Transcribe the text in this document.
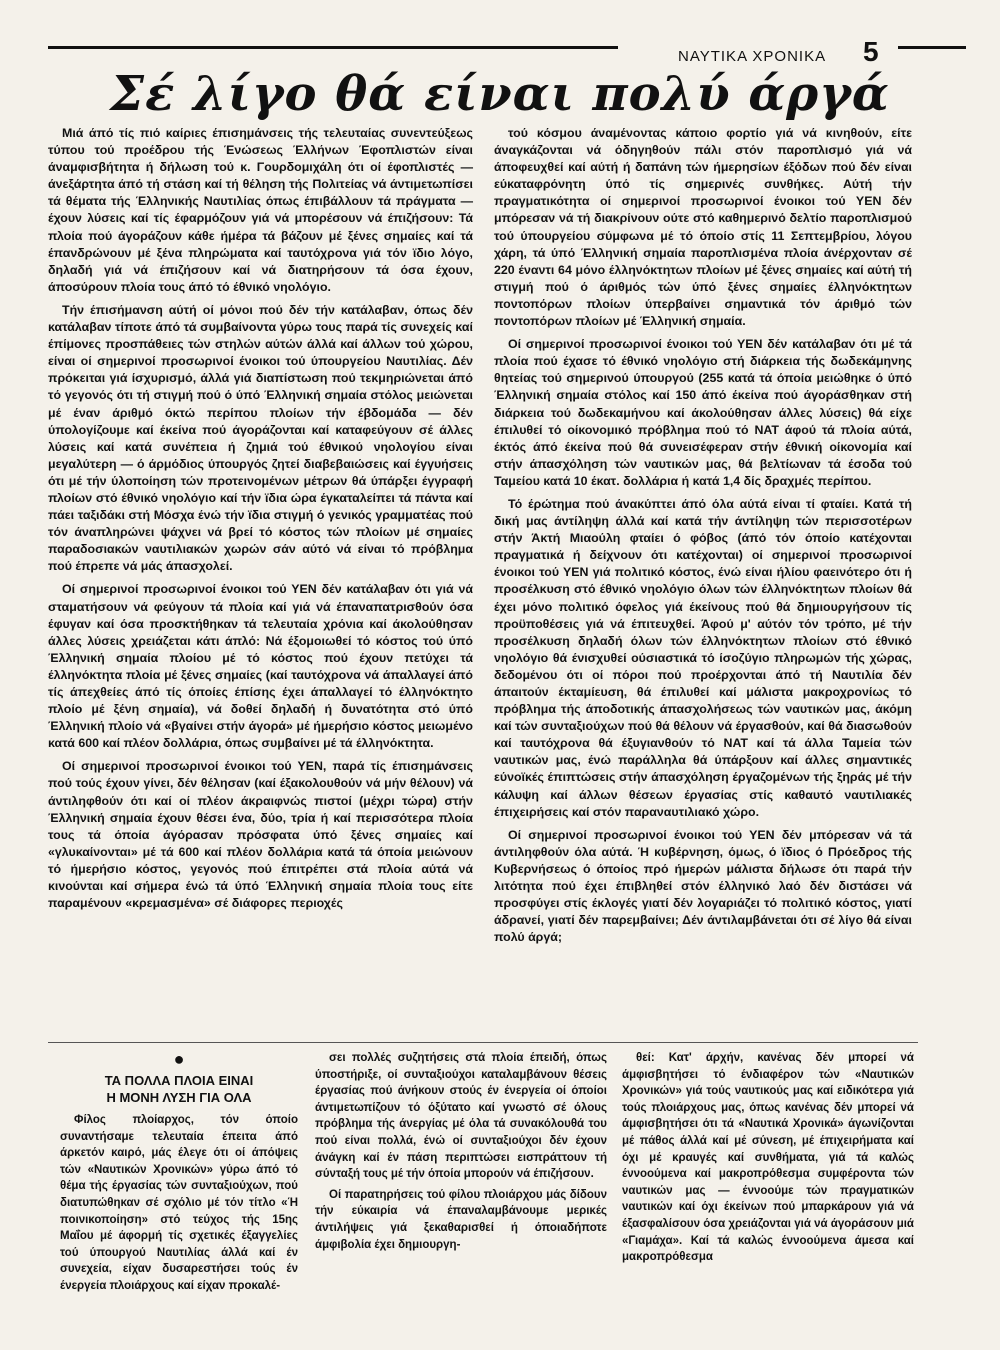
ΝΑΥΤΙΚΑ ΧΡΟΝΙΚΑ 5
Σέ λίγο θά είναι πολύ άργά

Μιά άπό τίς πιό καίριες έπισημάνσεις τής τελευταίας συνεντεύξεως τύπου τού προέδρου τής Ένώσεως Έλλήνων Έφοπλιστών είναι άναμφισβήτητα ή δήλωση τού κ. Γουρδομιχάλη ότι οί έφοπλιστές — άνεξάρτητα άπό τή στάση καί τή θέληση τής Πολιτείας νά άντιμετωπίσει τά θέματα τής Έλληνικής Ναυτιλίας όπως έπιβάλλουν τά πράγματα — έχουν λύσεις καί τίς έφαρμόζουν γιά νά μπορέσουν νά έπιζήσουν: Τά πλοία πού άγοράζουν κάθε ήμέρα τά βάζουν μέ ξένες σημαίες καί τά έπανδρώνουν μέ ξένα πληρώματα καί ταυτόχρονα γιά τόν ϊδιο λόγο, δηλαδή γιά νά έπιζήσουν καί νά διατηρήσουν τά όσα έχουν, άποσύρουν πλοία τους άπό τό έθνικό νηολόγιο.

Τήν έπισήμανση αύτή οί μόνοι πού δέν τήν κατάλαβαν, όπως δέν κατάλαβαν τίποτε άπό τά συμβαίνοντα γύρω τους παρά τίς συνεχείς καί έπίμονες προσπάθειες τών στηλών αύτών άλλά καί άλλων τού χώρου, είναι οί σημερινοί προσωρινοί ένοικοι τού ύπουργείου Ναυτιλίας. Δέν πρόκειται γιά ίσχυρισμό, άλλά γιά διαπίστωση πού τεκμηριώνεται άπό τό γεγονός ότι τή στιγμή πού ό ύπό Έλληνική σημαία στόλος μειώνεται μέ έναν άριθμό όκτώ περίπου πλοίων τήν έβδομάδα — δέν ύπολογίζουμε καί έκείνα πού άγοράζονται καί καταφεύγουν σέ άλλες λύσεις καί κατά συνέπεια ή ζημιά τού έθνικού νηολογίου είναι μεγαλύτερη — ό άρμόδιος ύπουργός ζητεί διαβεβαιώσεις καί έγγυήσεις ότι μέ τήν ύλοποίηση τών προτεινομένων μέτρων θά ύπάρξει έγγραφή πλοίων στό έθνικό νηολόγιο καί τήν ϊδια ώρα έγκαταλείπει τά πάντα καί πάει ταξιδάκι στή Μόσχα ένώ τήν ϊδια στιγμή ό γενικός γραμματέας πού τόν άναπληρώνει ψάχνει νά βρεί τό κόστος τών πλοίων μέ σημαίες παραδοσιακών ναυτιλιακών χωρών σάν αύτό νά είναι τό πρόβλημα πού έπρεπε νά μάς άπασχολεί.

Οί σημερινοί προσωρινοί ένοικοι τού ΥΕΝ δέν κατάλαβαν ότι γιά νά σταματήσουν νά φεύγουν τά πλοία καί γιά νά έπαναπατρισθούν όσα έφυγαν καί όσα προσκτήθηκαν τά τελευταία χρόνια καί άκολούθησαν άλλες λύσεις χρειάζεται κάτι άπλό: Νά έξομοιωθεί τό κόστος τού ύπό Έλληνική σημαία πλοίου μέ τό κόστος πού έχουν πετύχει τά έλληνόκτητα πλοία μέ ξένες σημαίες (καί ταυτόχρονα νά άπαλλαγεί άπό τίς άπεχθείες άπό τίς όποίες έπίσης έχει άπαλλαγεί τό έλληνόκτητο πλοίο μέ ξένη σημαία), νά δοθεί δηλαδή ή δυνατότητα στό ύπό Έλληνική πλοίο νά «βγαίνει στήν άγορά» μέ ήμερήσιο κόστος μειωμένο κατά 600 καί πλέον δολλάρια, όπως συμβαίνει μέ τά έλληνόκτητα.

Οί σημερινοί προσωρινοί ένοικοι τού ΥΕΝ, παρά τίς έπισημάνσεις πού τούς έχουν γίνει, δέν θέλησαν (καί έξακολουθούν νά μήν θέλουν) νά άντιληφθούν ότι καί οί πλέον άκραιφνώς πιστοί (μέχρι τώρα) στήν Έλληνική σημαία έχουν θέσει ένα, δύο, τρία ή καί περισσότερα πλοία τους τά όποία άγόρασαν πρόσφατα ύπό ξένες σημαίες καί «γλυκαίνονται» μέ τά 600 καί πλέον δολλάρια κατά τά όποία μειώνουν τό ήμερήσιο κόστος, γεγονός πού έπιτρέπει στά πλοία αύτά νά κινούνται καί σήμερα ένώ τά ύπό Έλληνική σημαία πλοία τους είτε παραμένουν «κρεμασμένα» σέ διάφορες περιοχές

τού κόσμου άναμένοντας κάποιο φορτίο γιά νά κινηθούν, είτε άναγκάζονται νά όδηγηθούν πάλι στόν παροπλισμό γιά νά άποφευχθεί καί αύτή ή δαπάνη τών ήμερησίων έξόδων πού δέν είναι εύκαταφρόνητη ύπό τίς σημερινές συνθήκες. Αύτή τήν πραγματικότητα οί σημερινοί προσωρινοί ένοικοι τού ΥΕΝ δέν μπόρεσαν νά τή διακρίνουν ούτε στό καθημερινό δελτίο παροπλισμού τού ύπουργείου σύμφωνα μέ τό όποίο στίς 11 Σεπτεμβρίου, λόγου χάρη, τά ύπό Έλληνική σημαία παροπλισμένα πλοία άνέρχονταν σέ 220 έναντι 64 μόνο έλληνόκτητων πλοίων μέ ξένες σημαίες καί αύτή τή στιγμή πού ό άριθμός τών ύπό ξένες σημαίες έλληνόκτητων ποντοπόρων πλοίων ύπερβαίνει σημαντικά τόν άριθμό τών ποντοπόρων πλοίων μέ Έλληνική σημαία.

Οί σημερινοί προσωρινοί ένοικοι τού ΥΕΝ δέν κατάλαβαν ότι μέ τά πλοία πού έχασε τό έθνικό νηολόγιο στή διάρκεια τής δωδεκάμηνης θητείας τού σημερινού ύπουργού (255 κατά τά όποία μειώθηκε ό ύπό Έλληνική σημαία στόλος καί 150 άπό έκείνα πού άγοράσθηκαν στή διάρκεια τού δωδεκαμήνου καί άκολούθησαν άλλες λύσεις) θά είχε έπιλυθεί τό οίκονομικό πρόβλημα πού τό ΝΑΤ άφού τά πλοία αύτά, έκτός άπό έκείνα πού θά συνεισέφεραν στήν έθνική οίκονομία καί στήν άπασχόληση τών ναυτικών μας, θά βελτίωναν τά έσοδα τού Ταμείου κατά 10 έκατ. δολλάρια ή κατά 1,4 δίς δραχμές περίπου.

Τό έρώτημα πού άνακύπτει άπό όλα αύτά είναι τί φταίει. Κατά τή δική μας άντίληψη άλλά καί κατά τήν άντίληψη τών περισσοτέρων στήν Άκτή Μιαούλη φταίει ό φόβος (άπό τόν όποίο κατέχονται πραγματικά ή δείχνουν ότι κατέχονται) οί σημερινοί προσωρινοί ένοικοι τού ΥΕΝ γιά πολιτικό κόστος, ένώ είναι ήλίου φαεινότερο ότι ή προσέλκυση στό έθνικό νηολόγιο όλων τών έλληνόκτητων πλοίων θά έχει μόνο πολιτικό όφελος γιά έκείνους πού θά δημιουργήσουν τίς προϋποθέσεις γιά νά έπιτευχθεί. Άφού μ' αύτόν τόν τρόπο, μέ τήν προσέλκυση δηλαδή όλων τών έλληνόκτητων πλοίων στό έθνικό νηολόγιο θά ένισχυθεί ούσιαστικά τό ίσοζύγιο πληρωμών τής χώρας, δεδομένου ότι οί πόροι πού προέρχονται άπό τή Ναυτιλία δέν άπαιτούν έκταμίευση, θά έπιλυθεί καί μάλιστα μακροχρονίως τό πρόβλημα τής άποδοτικής άπασχολήσεως τών ναυτικών μας, άκόμη καί τών συνταξιούχων πού θά θέλουν νά έργασθούν, καί θά διασωθούν καί ταυτόχρονα θά έξυγιανθούν τό ΝΑΤ καί τά άλλα Ταμεία τών ναυτικών μας, ένώ παράλληλα θά ύπάρξουν καί άλλες σημαντικές εύνοϊκές έπιπτώσεις στήν άπασχόληση έργαζομένων τής ξηράς μέ τήν κάλυψη καί άλλων θέσεων έργασίας στίς καθαυτό ναυτιλιακές έπιχειρήσεις καί στόν παραναυτιλιακό χώρο.

Οί σημερινοί προσωρινοί ένοικοι τού ΥΕΝ δέν μπόρεσαν νά τά άντιληφθούν όλα αύτά. Ή κυβέρνηση, όμως, ό ϊδιος ό Πρόεδρος τής Κυβερνήσεως ό όποίος πρό ήμερών μάλιστα δήλωσε ότι παρά τήν λιτότητα πού έχει έπιβληθεί στόν έλληνικό λαό δέν διστάσει νά προσφύγει στίς έκλογές γιατί δέν λογαριάζει τό πολιτικό κόστος, γιατί άδρανεί, γιατί δέν παρεμβαίνει; Δέν άντιλαμβάνεται ότι σέ λίγο θά είναι πολύ άργά;

●
ΤΑ ΠΟΛΛΑ ΠΛΟΙΑ ΕΙΝΑΙ
Η ΜΟΝΗ ΛΥΣΗ ΓΙΑ ΟΛΑ

Φίλος πλοίαρχος, τόν όποίο συναντήσαμε τελευταία έπειτα άπό άρκετόν καιρό, μάς έλεγε ότι οί άπόψεις τών «Ναυτικών Χρονικών» γύρω άπό τό θέμα τής έργασίας τών συνταξιούχων, πού διατυπώθηκαν σέ σχόλιο μέ τόν τίτλο «Ή ποινικοποίηση» στό τεύχος τής 15ης Μαΐου μέ άφορμή τίς σχετικές έξαγγελίες τού ύπουργού Ναυτιλίας άλλά καί έν συνεχεία, είχαν δυσαρεστήσει τούς έν ένεργεία πλοιάρχους καί είχαν προκαλέ-

σει πολλές συζητήσεις στά πλοία έπειδή, όπως ύποστήριξε, οί συνταξιούχοι καταλαμβάνουν θέσεις έργασίας πού άνήκουν στούς έν ένεργεία οί όποίοι άντιμετωπίζουν τό όξύτατο καί γνωστό σέ όλους πρόβλημα τής άνεργίας μέ όλα τά συνακόλουθά του πού είναι πολλά, ένώ οί συνταξιούχοι δέν έχουν άνάγκη καί έν πάση περιπτώσει εισπράττουν τή σύνταξή τους μέ τήν όποία μπορούν νά έπιζήσουν.

Οί παρατηρήσεις τού φίλου πλοιάρχου μάς δίδουν τήν εύκαιρία νά έπαναλαμβάνουμε μερικές άντιλήψεις γιά ξεκαθαρισθεί ή όποιαδήποτε άμφιβολία έχει δημιουργη-

θεί: Κατ' άρχήν, κανένας δέν μπορεί νά άμφισβητήσει τό ένδιαφέρον τών «Ναυτικών Χρονικών» γιά τούς ναυτικούς μας καί ειδικότερα γιά τούς πλοιάρχους μας, όπως κανένας δέν μπορεί νά άμφισβητήσει ότι τά «Ναυτικά Χρονικά» άγωνίζονται μέ πάθος άλλά καί μέ σύνεση, μέ έπιχειρήματα καί όχι μέ κραυγές καί συνθήματα, γιά τά καλώς έννοούμενα καί μακροπρόθεσμα συμφέροντα τών ναυτικών μας — έννοούμε τών πραγματικών ναυτικών καί όχι έκείνων πού μπαρκάρουν γιά νά έξασφαλίσουν όσα χρειάζονται γιά νά άγοράσουν μιά «Γιαμάχα». Καί τά καλώς έννοούμενα άμεσα καί μακροπρόθεσμα
